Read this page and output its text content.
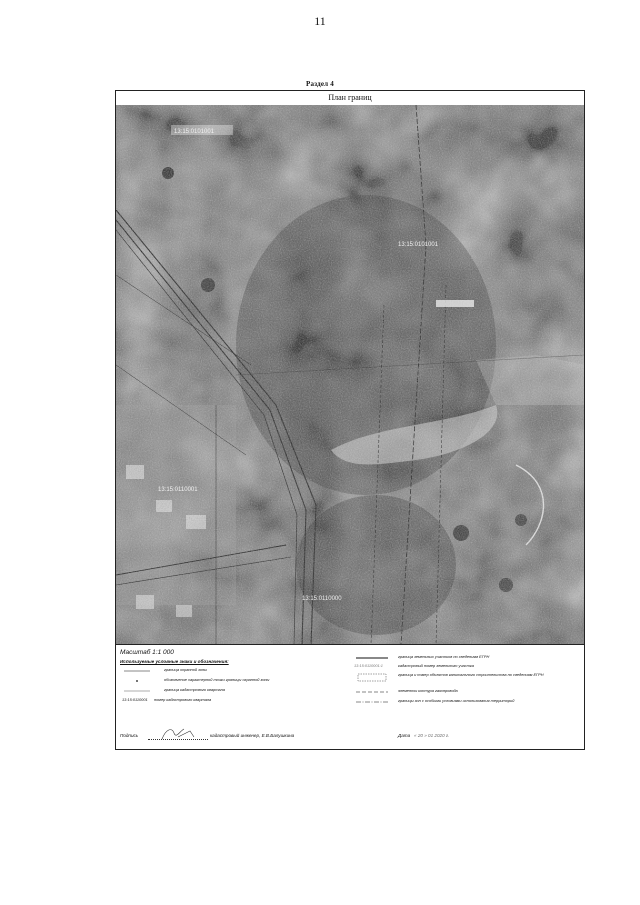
11
Раздел 4
План границ
13:15:0101001
13:15:0101001
13:15:0110001
13:15:0110000
Масштаб 1:1 000
Используемые условные знаки и обозначения:
граница охранной зоны
обозначение характерной точки границы охранной зоны
граница кадастрового квартала
13:15:0110001 номер кадастрового квартала
граница земельных участков по сведениям ЕГРН
13:15:0110001:1	кадастровый номер земельного участка
граница и номер объектов капитального строительства по сведениям ЕГРН
элементы контура газопровода
границы зон с особыми условиями использования территорий
Подпись	кадастровый инженер, Е.В.Балушкина	Дата « 20 » 01 2020 г.
